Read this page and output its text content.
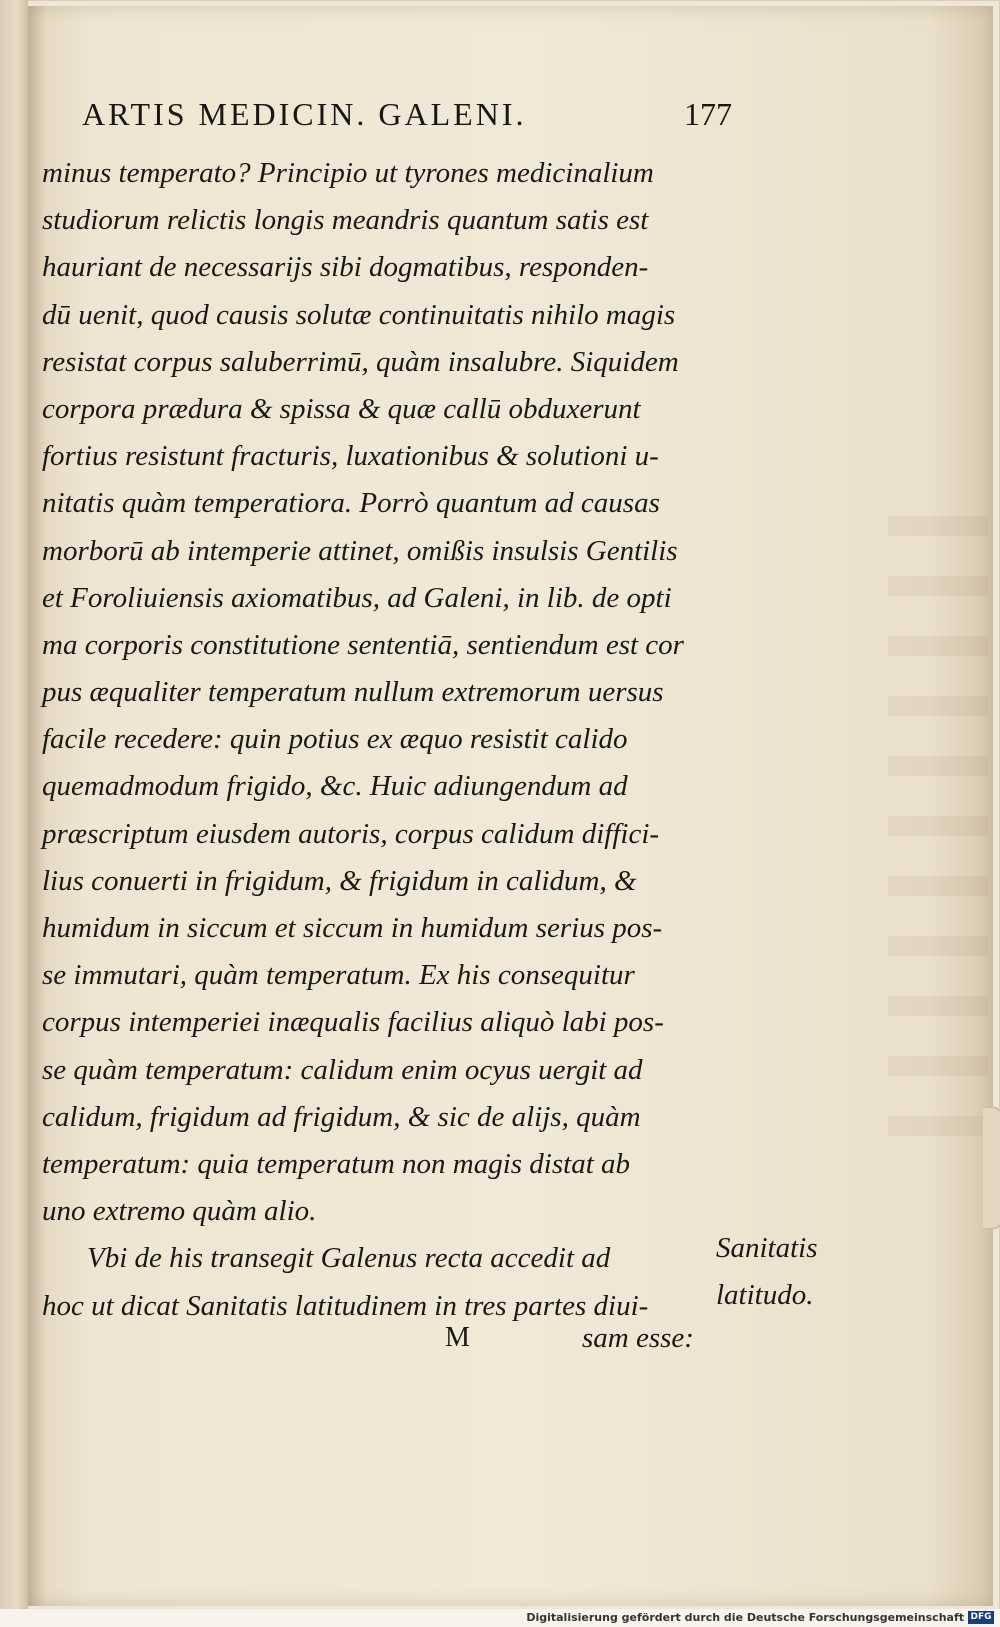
ARTIS MEDICIN. GALENI.	177
minus temperato? Principio ut tyrones medicinalium
studiorum relictis longis meandris quantum satis est
hauriant de necessarijs sibi dogmatibus, responden-
dū uenit, quod causis solutæ continuitatis nihilo magis
resistat corpus saluberrimū, quàm insalubre. Siquidem
corpora prædura & spissa & quæ callū obduxerunt
fortius resistunt fracturis, luxationibus & solutioni u-
nitatis quàm temperatiora. Porrò quantum ad causas
morborū ab intemperie attinet, omißis insulsis Gentilis
et Foroliuiensis axiomatibus, ad Galeni, in lib. de opti
ma corporis constitutione sententiā, sentiendum est cor
pus æqualiter temperatum nullum extremorum uersus
facile recedere: quin potius ex æquo resistit calido
quemadmodum frigido, &c. Huic adiungendum ad
præscriptum eiusdem autoris, corpus calidum diffici-
lius conuerti in frigidum, & frigidum in calidum, &
humidum in siccum et siccum in humidum serius pos-
se immutari, quàm temperatum. Ex his consequitur
corpus intemperiei inæqualis facilius aliquò labi pos-
se quàm temperatum: calidum enim ocyus uergit ad
calidum, frigidum ad frigidum, & sic de alijs, quàm
temperatum: quia temperatum non magis distat ab
uno extremo quàm alio.
Vbi de his transegit Galenus recta accedit ad
hoc ut dicat Sanitatis latitudinem in tres partes diui-
Sanitatis
latitudo.
M	sam esse:
Digitalisierung gefördert durch die Deutsche Forschungsgemeinschaft DFG
